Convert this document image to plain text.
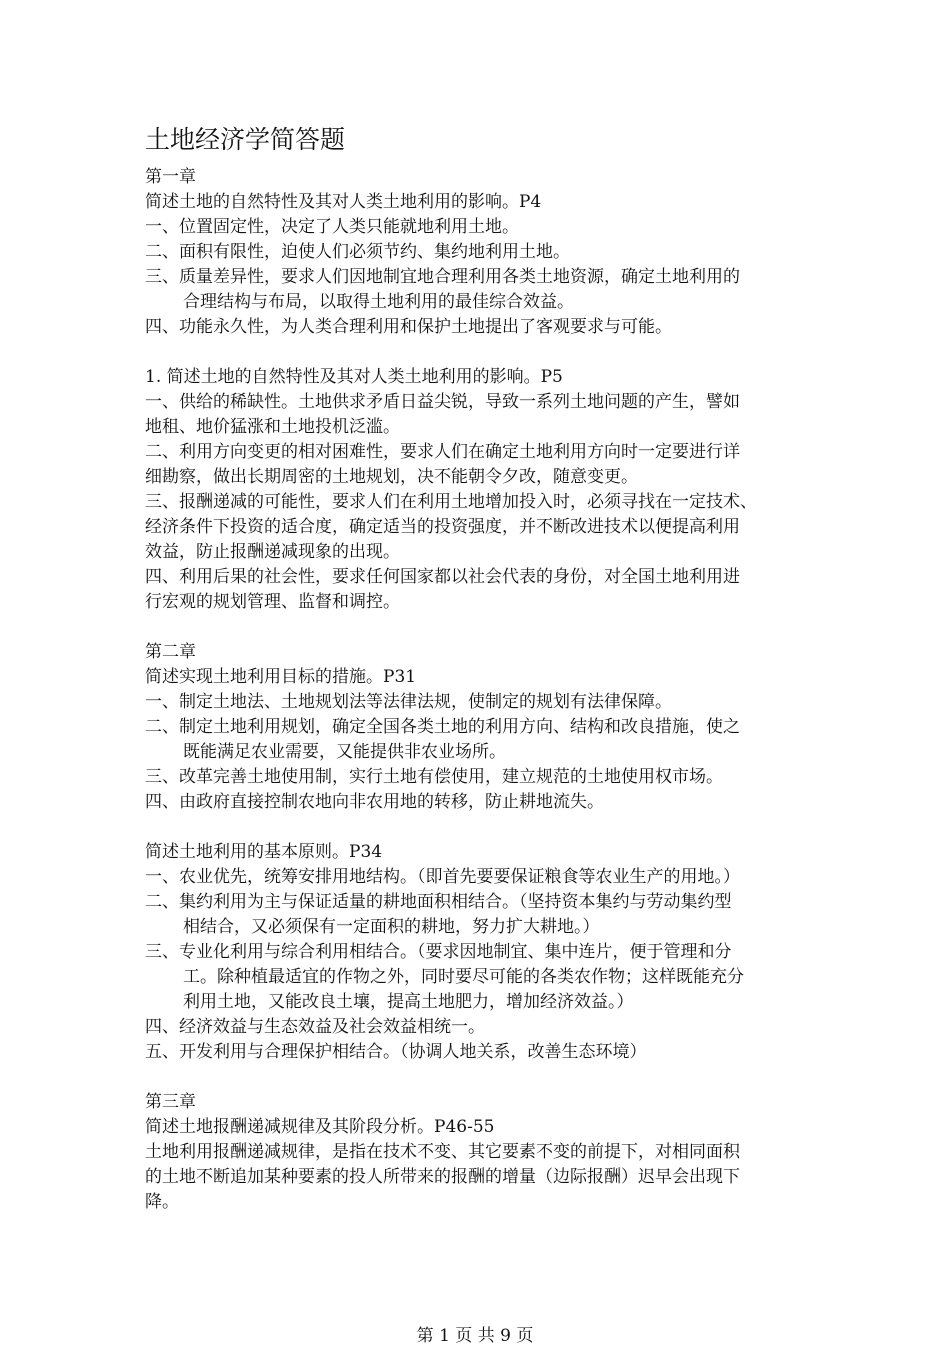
土地经济学简答题

第一章

简述土地的自然特性及其对人类土地利用的影响。P4

一、位置固定性，决定了人类只能就地利用土地。

二、面积有限性，迫使人们必须节约、集约地利用土地。

三、质量差异性，要求人们因地制宜地合理利用各类土地资源，确定土地利用的

合理结构与布局，以取得土地利用的最佳综合效益。

四、功能永久性，为人类合理利用和保护土地提出了客观要求与可能。

1. 简述土地的自然特性及其对人类土地利用的影响。P5

一、供给的稀缺性。土地供求矛盾日益尖锐，导致一系列土地问题的产生，譬如

地租、地价猛涨和土地投机泛滥。

二、利用方向变更的相对困难性，要求人们在确定土地利用方向时一定要进行详

细勘察，做出长期周密的土地规划，决不能朝令夕改，随意变更。

三、报酬递减的可能性，要求人们在利用土地增加投入时，必须寻找在一定技术、

经济条件下投资的适合度，确定适当的投资强度，并不断改进技术以便提高利用

效益，防止报酬递减现象的出现。

四、利用后果的社会性，要求任何国家都以社会代表的身份，对全国土地利用进

行宏观的规划管理、监督和调控。

第二章

简述实现土地利用目标的措施。P31

一、制定土地法、土地规划法等法律法规，使制定的规划有法律保障。

二、制定土地利用规划，确定全国各类土地的利用方向、结构和改良措施，使之

既能满足农业需要，又能提供非农业场所。

三、改革完善土地使用制，实行土地有偿使用，建立规范的土地使用权市场。

四、由政府直接控制农地向非农用地的转移，防止耕地流失。

简述土地利用的基本原则。P34

一、农业优先，统筹安排用地结构。（即首先要要保证粮食等农业生产的用地。）

二、集约利用为主与保证适量的耕地面积相结合。（坚持资本集约与劳动集约型

相结合，又必须保有一定面积的耕地，努力扩大耕地。）

三、专业化利用与综合利用相结合。（要求因地制宜、集中连片，便于管理和分

工。除种植最适宜的作物之外，同时要尽可能的各类农作物；这样既能充分

利用土地，又能改良土壤，提高土地肥力，增加经济效益。）

四、经济效益与生态效益及社会效益相统一。

五、开发利用与合理保护相结合。（协调人地关系，改善生态环境）

第三章

简述土地报酬递减规律及其阶段分析。P46-55

土地利用报酬递减规律，是指在技术不变、其它要素不变的前提下，对相同面积

的土地不断追加某种要素的投人所带来的报酬的增量（边际报酬）迟早会出现下

降。

第 1 页 共 9 页
